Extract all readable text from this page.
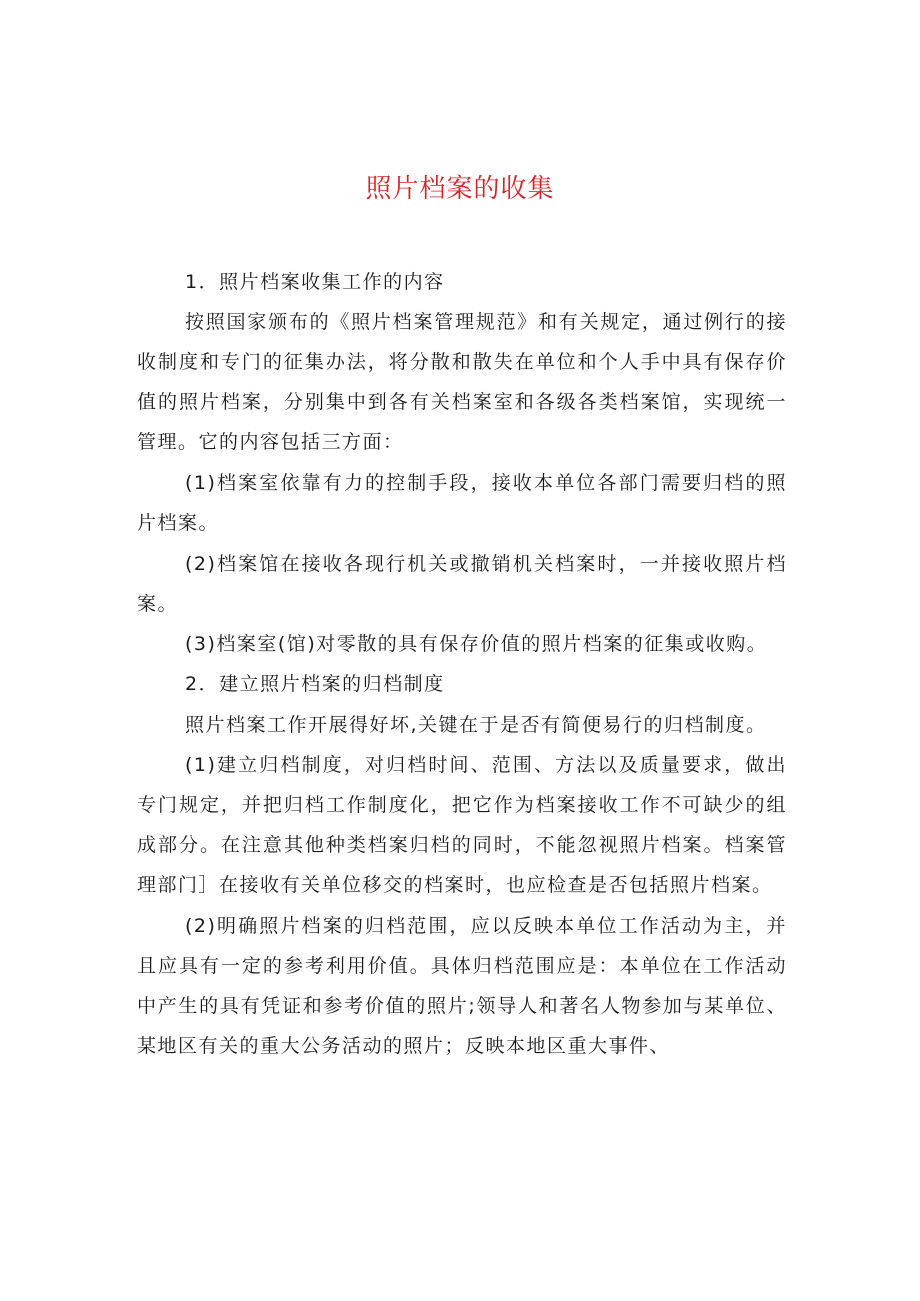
照片档案的收集

1．照片档案收集工作的内容

按照国家颁布的《照片档案管理规范》和有关规定，通过例行的接收制度和专门的征集办法，将分散和散失在单位和个人手中具有保存价值的照片档案，分别集中到各有关档案室和各级各类档案馆，实现统一管理。它的内容包括三方面：

(1)档案室依靠有力的控制手段，接收本单位各部门需要归档的照片档案。

(2)档案馆在接收各现行机关或撤销机关档案时，一并接收照片档案。

(3)档案室(馆)对零散的具有保存价值的照片档案的征集或收购。

2．建立照片档案的归档制度

照片档案工作开展得好坏,关键在于是否有简便易行的归档制度。

(1)建立归档制度，对归档时间、范围、方法以及质量要求，做出专门规定，并把归档工作制度化，把它作为档案接收工作不可缺少的组成部分。在注意其他种类档案归档的同时，不能忽视照片档案。档案管理部门］在接收有关单位移交的档案时，也应检查是否包括照片档案。

(2)明确照片档案的归档范围，应以反映本单位工作活动为主，并且应具有一定的参考利用价值。具体归档范围应是：本单位在工作活动中产生的具有凭证和参考价值的照片;领导人和著名人物参加与某单位、某地区有关的重大公务活动的照片；反映本地区重大事件、
